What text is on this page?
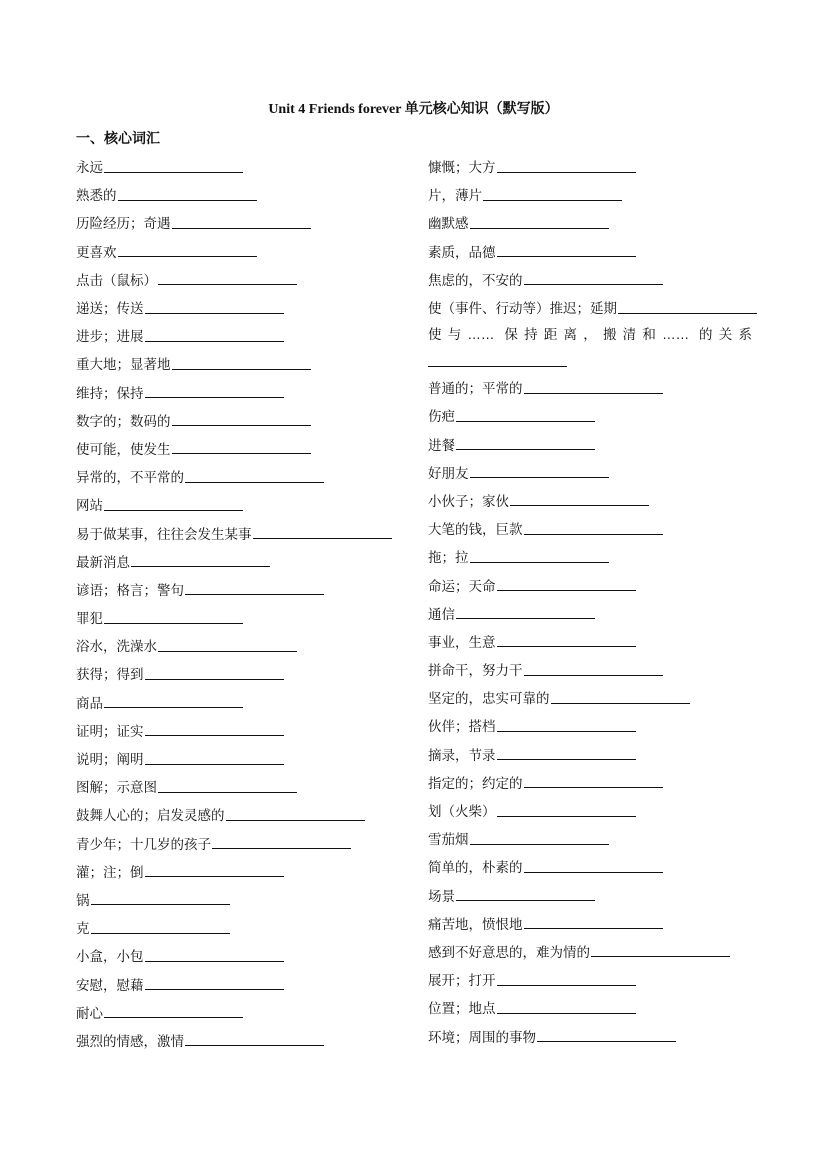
Unit 4 Friends forever 单元核心知识（默写版）
一、核心词汇
永远
熟悉的
历险经历；奇遇
更喜欢
点击（鼠标）
递送；传送
进步；进展
重大地；显著地
维持；保持
数字的；数码的
使可能，使发生
异常的，不平常的
网站
易于做某事，往往会发生某事
最新消息
谚语；格言；警句
罪犯
浴水，洗澡水
获得；得到
商品
证明；证实
说明；阐明
图解；示意图
鼓舞人心的；启发灵感的
青少年；十几岁的孩子
灌；注；倒
锅
克
小盒，小包
安慰，慰藉
耐心
强烈的情感，激情
慷慨；大方
片，薄片
幽默感
素质，品德
焦虑的，不安的
使（事件、行动等）推迟；延期
使与…… 保持距离，搬清和…… 的关系
普通的；平常的
伤疤
进餐
好朋友
小伙子；家伙
大笔的钱，巨款
拖；拉
命运；天命
通信
事业，生意
拼命干，努力干
坚定的，忠实可靠的
伙伴；搭档
摘录，节录
指定的；约定的
划（火柴）
雪茄烟
简单的，朴素的
场景
痛苦地，愤恨地
感到不好意思的，难为情的
展开；打开
位置；地点
环境；周围的事物
